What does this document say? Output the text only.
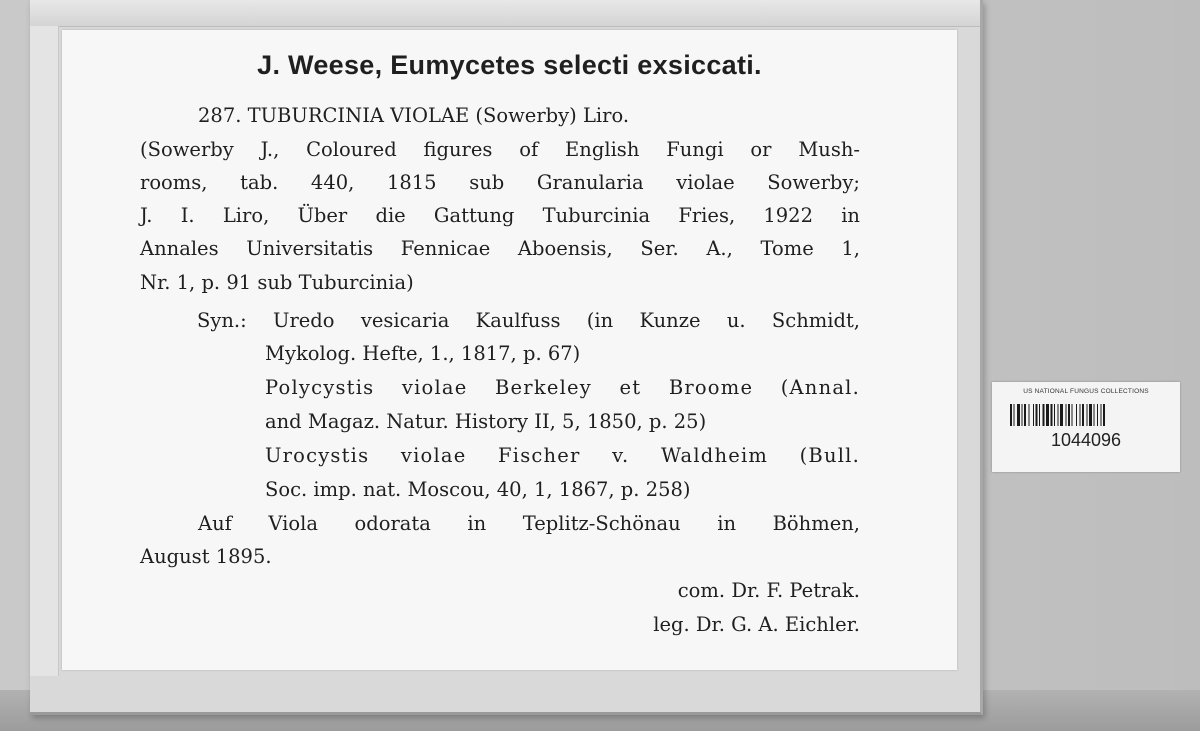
J. Weese, Eumycetes selecti exsiccati.
287. TUBURCINIA VIOLAE (Sowerby) Liro.
(Sowerby J., Coloured figures of English Fungi or Mush-
rooms, tab. 440, 1815 sub Granularia violae Sowerby;
J. I. Liro, Über die Gattung Tuburcinia Fries, 1922 in
Annales Universitatis Fennicae Aboensis, Ser. A., Tome 1,
Nr. 1, p. 91 sub Tuburcinia)
Syn.: Uredo vesicaria Kaulfuss (in Kunze u. Schmidt,
Mykolog. Hefte, 1., 1817, p. 67)
Polycystis violae Berkeley et Broome (Annal.
and Magaz. Natur. History II, 5, 1850, p. 25)
Urocystis violae Fischer v. Waldheim (Bull.
Soc. imp. nat. Moscou, 40, 1, 1867, p. 258)
Auf Viola odorata in Teplitz-Schönau in Böhmen,
August 1895.
com. Dr. F. Petrak.
leg. Dr. G. A. Eichler.
US NATIONAL FUNGUS COLLECTIONS
1044096
